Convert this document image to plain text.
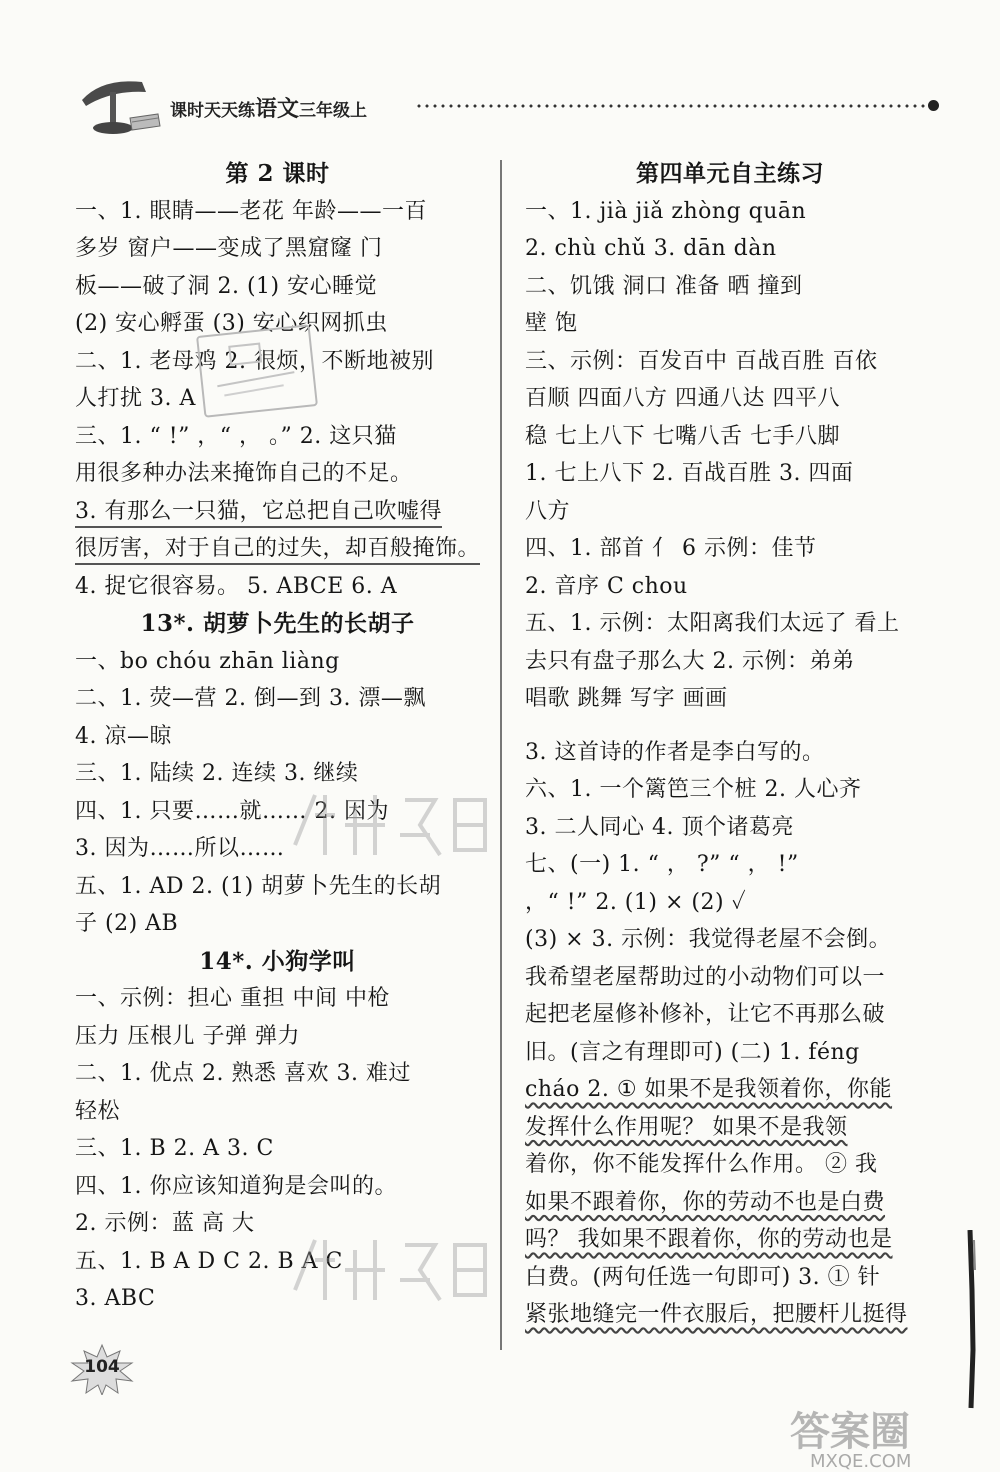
课时天天练语文三年级上
第 2 课时
一、1. 眼睛——老花 年龄——一百
多岁 窗户——变成了黑窟窿 门
板——破了洞 2. (1) 安心睡觉
(2) 安心孵蛋 (3) 安心织网抓虫
二、1. 老母鸡 2. 很烦，不断地被别
人打扰 3. A
三、1. “ !” ，“ ， 。” 2. 这只猫
用很多种办法来掩饰自己的不足。
3. 有那么一只猫，它总把自己吹嘘得
很厉害，对于自己的过失，却百般掩饰。
4. 捉它很容易。 5. ABCE 6. A
13*. 胡萝卜先生的长胡子
一、bo chóu zhān liàng
二、1. 荧—营 2. 倒—到 3. 漂—飘
4. 凉—晾
三、1. 陆续 2. 连续 3. 继续
四、1. 只要……就…… 2. 因为
3. 因为……所以……
五、1. AD 2. (1) 胡萝卜先生的长胡
子 (2) AB
14*. 小狗学叫
一、示例：担心 重担 中间 中枪
压力 压根儿 子弹 弹力
二、1. 优点 2. 熟悉 喜欢 3. 难过
轻松
三、1. B 2. A 3. C
四、1. 你应该知道狗是会叫的。
2. 示例：蓝 高 大
五、1. B A D C 2. B A C
3. ABC
第四单元自主练习
一、1. jià jiǎ zhòng quān
2. chù chǔ 3. dān dàn
二、饥饿 洞口 准备 晒 撞到
壁 饱
三、示例：百发百中 百战百胜 百依
百顺 四面八方 四通八达 四平八
稳 七上八下 七嘴八舌 七手八脚
1. 七上八下 2. 百战百胜 3. 四面
八方
四、1. 部首 亻 6 示例：佳节
2. 音序 C chou
五、1. 示例：太阳离我们太远了 看上
去只有盘子那么大 2. 示例：弟弟
唱歌 跳舞 写字 画画
3. 这首诗的作者是李白写的。
六、1. 一个篱笆三个桩 2. 人心齐
3. 二人同心 4. 顶个诸葛亮
七、(一) 1. “ ， ?” “ ， !”
，“ !” 2. (1) × (2) ✓
(3) × 3. 示例：我觉得老屋不会倒。
我希望老屋帮助过的小动物们可以一
起把老屋修补修补，让它不再那么破
旧。(言之有理即可) (二) 1. féng
cháo 2. ① 如果不是我领着你，你能
发挥什么作用呢？ 如果不是我领
着你，你不能发挥什么作用。 ② 我
如果不跟着你，你的劳动不也是白费
吗？ 我如果不跟着你，你的劳动也是
白费。(两句任选一句即可) 3. ① 针
紧张地缝完一件衣服后，把腰杆儿挺得
104
答案圈
MXQE.COM
